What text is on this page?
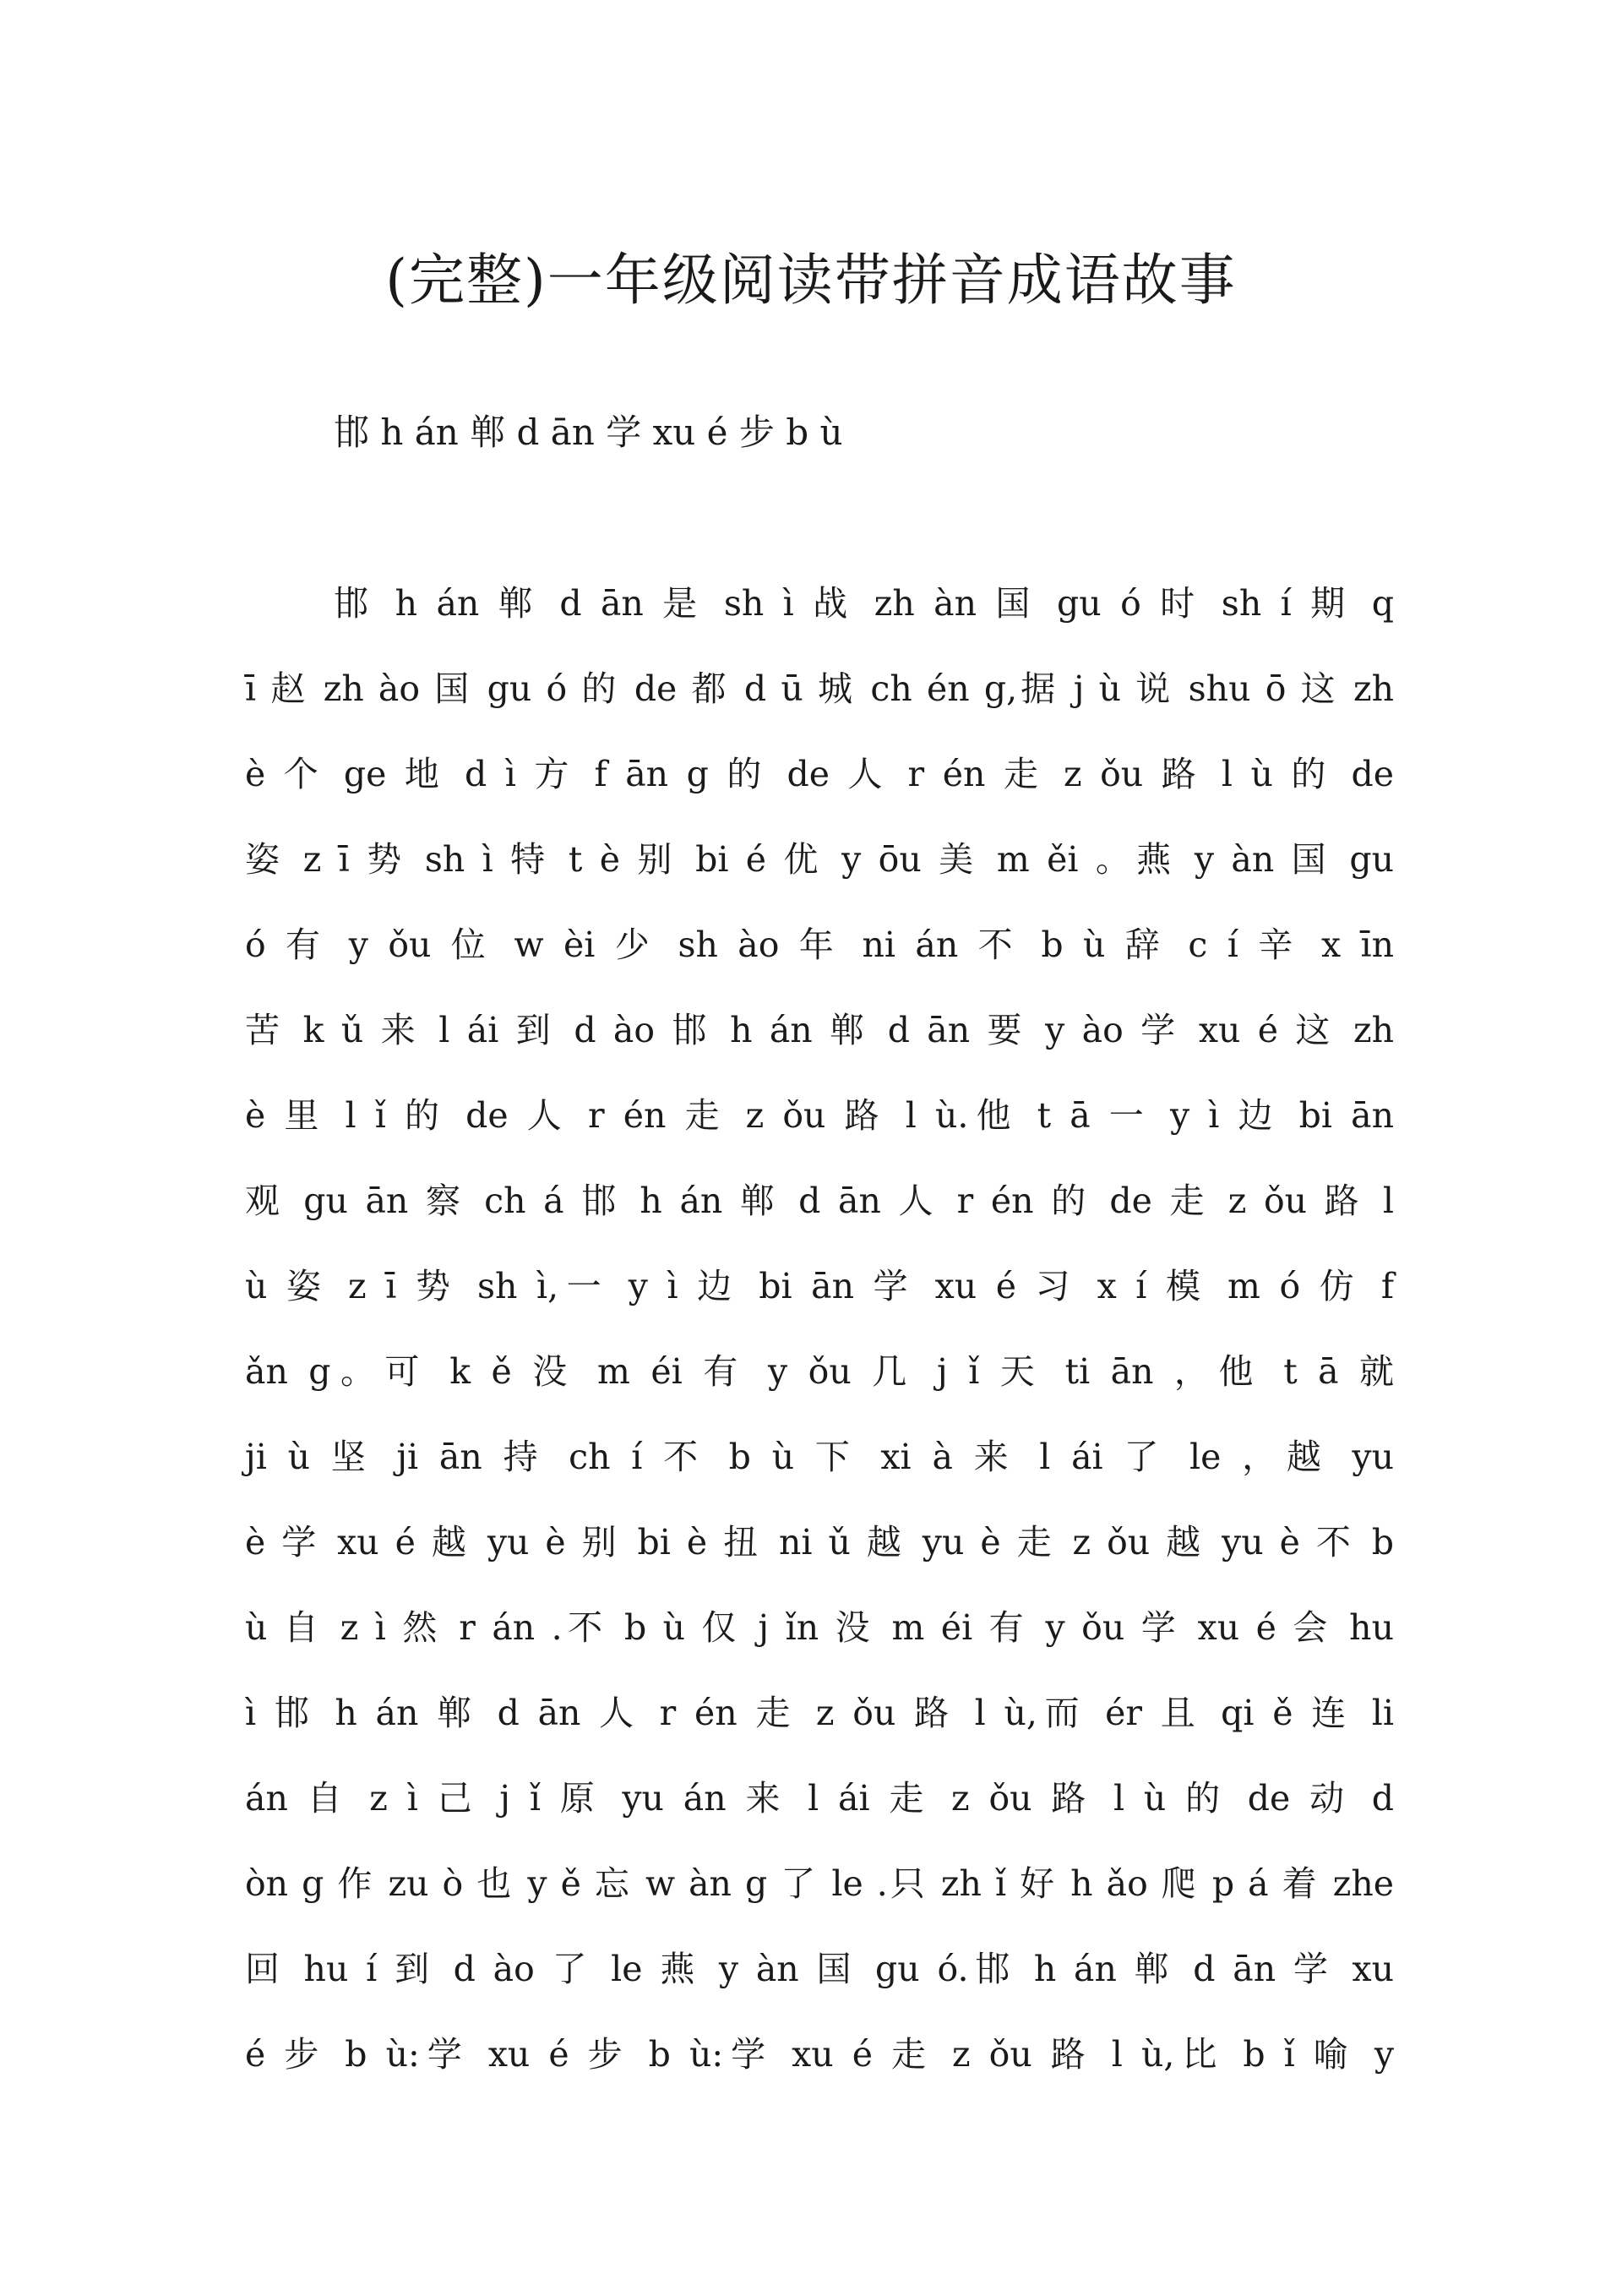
(完整)一年级阅读带拼音成语故事

邯 h án 郸 d ān 学 xu é 步 b ù

邯 h án 郸 d ān 是 sh ì 战 zh àn 国 gu ó 时 sh í 期 q
ī 赵 zh ào 国 gu ó 的 de 都 d ū 城 ch én g,据 j ù 说 shu ō 这 zh
è 个 ge 地 d ì 方 f ān g 的 de 人 r én 走 z ǒu 路 l ù 的 de
姿 z ī 势 sh ì 特 t è 别 bi é 优 y ōu 美 m ěi 。燕 y àn 国 gu
ó 有 y ǒu 位 w èi 少 sh ào 年 ni án 不 b ù 辞 c í 辛 x īn
苦 k ǔ 来 l ái 到 d ào 邯 h án 郸 d ān 要 y ào 学 xu é 这 zh
è 里 l ǐ 的 de 人 r én 走 z ǒu 路 l ù.他 t ā 一 y ì 边 bi ān
观 gu ān 察 ch á 邯 h án 郸 d ān 人 r én 的 de 走 z ǒu 路 l
ù 姿 z ī 势 sh ì,一 y ì 边 bi ān 学 xu é 习 x í 模 m ó 仿 f
ǎn g。可 k ě 没 m éi 有 y ǒu 几 j ǐ 天 ti ān ，他 t ā 就
ji ù 坚 ji ān 持 ch í 不 b ù 下 xi à 来 l ái 了 le ，越 yu
è 学 xu é 越 yu è 别 bi è 扭 ni ǔ 越 yu è 走 z ǒu 越 yu è 不 b
ù 自 z ì 然 r án .不 b ù 仅 j ǐn 没 m éi 有 y ǒu 学 xu é 会 hu
ì 邯 h án 郸 d ān 人 r én 走 z ǒu 路 l ù,而 ér 且 qi ě 连 li
án 自 z ì 己 j ǐ 原 yu án 来 l ái 走 z ǒu 路 l ù 的 de 动 d
òn g 作 zu ò 也 y ě 忘 w àn g 了 le .只 zh ǐ 好 h ǎo 爬 p á 着 zhe
回 hu í 到 d ào 了 le 燕 y àn 国 gu ó.邯 h án 郸 d ān 学 xu
é 步 b ù:学 xu é 步 b ù:学 xu é 走 z ǒu 路 l ù,比 b ǐ 喻 y
